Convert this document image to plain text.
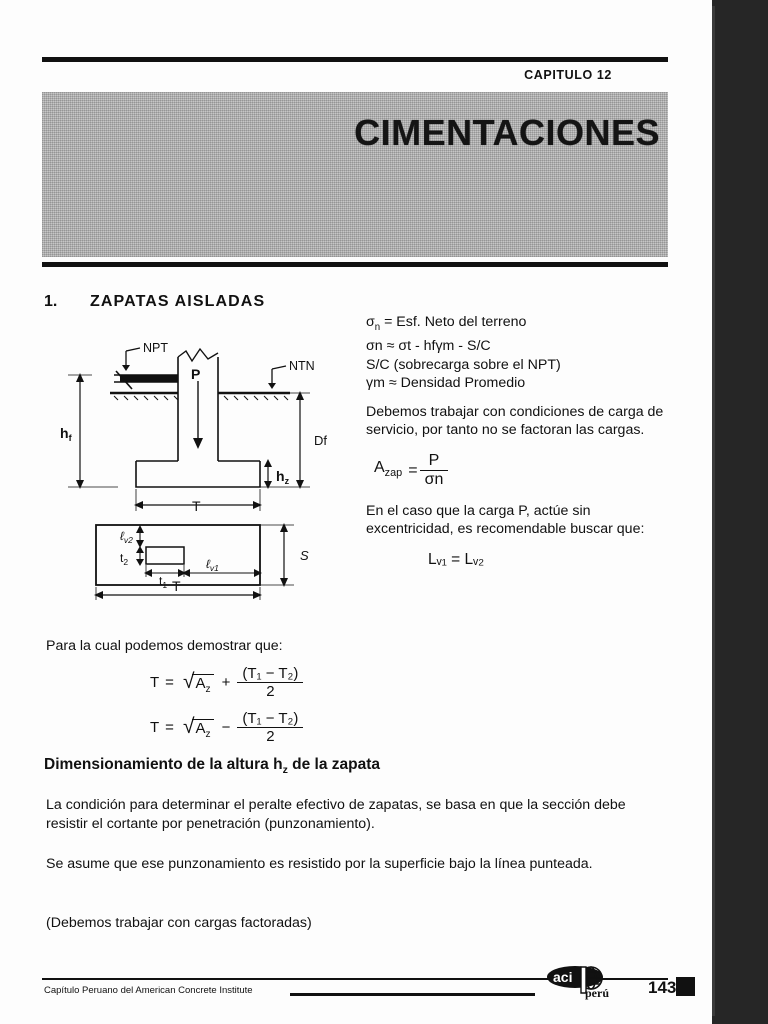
CAPITULO 12
CIMENTACIONES
1. ZAPATAS AISLADAS
NPT
NTN
P
$h_f$	Df
$h_z$
T
ℓ$_{v2}$
$t_2$
$t_1$
ℓ$_{v1}$
S
T
$\sigma_n$ = Esf. Neto del terreno
σn ≈ σt - hfγm - S/C
S/C (sobrecarga sobre el NPT)
γm ≈ Densidad Promedio

Debemos trabajar con condiciones de carga de servicio, por tanto no se factoran las cargas.

$A_{zap} = \frac{P}{\sigma n}$

En el caso que la carga P, actúe sin excentricidad, es recomendable buscar que:

Lᵥ₁ = Lᵥ₂
Para la cual podemos demostrar que:
T = √ $A_z + \frac{\text{(T₁ − T₂)}}{2}$
T = √ $A_z - \frac{\text{(T₁ − T₂)}}{2}$
Dimensionamiento de la altura $h_z$ de la zapata
La condición para determinar el peralte efectivo de zapatas, se basa en que la sección debe resistir el cortante por penetración (punzonamiento).
Se asume que ese punzonamiento es resistido por la superficie bajo la línea punteada.
(Debemos trabajar con cargas factoradas)
Capítulo Peruano del American Concrete Institute
aci
perú 143
